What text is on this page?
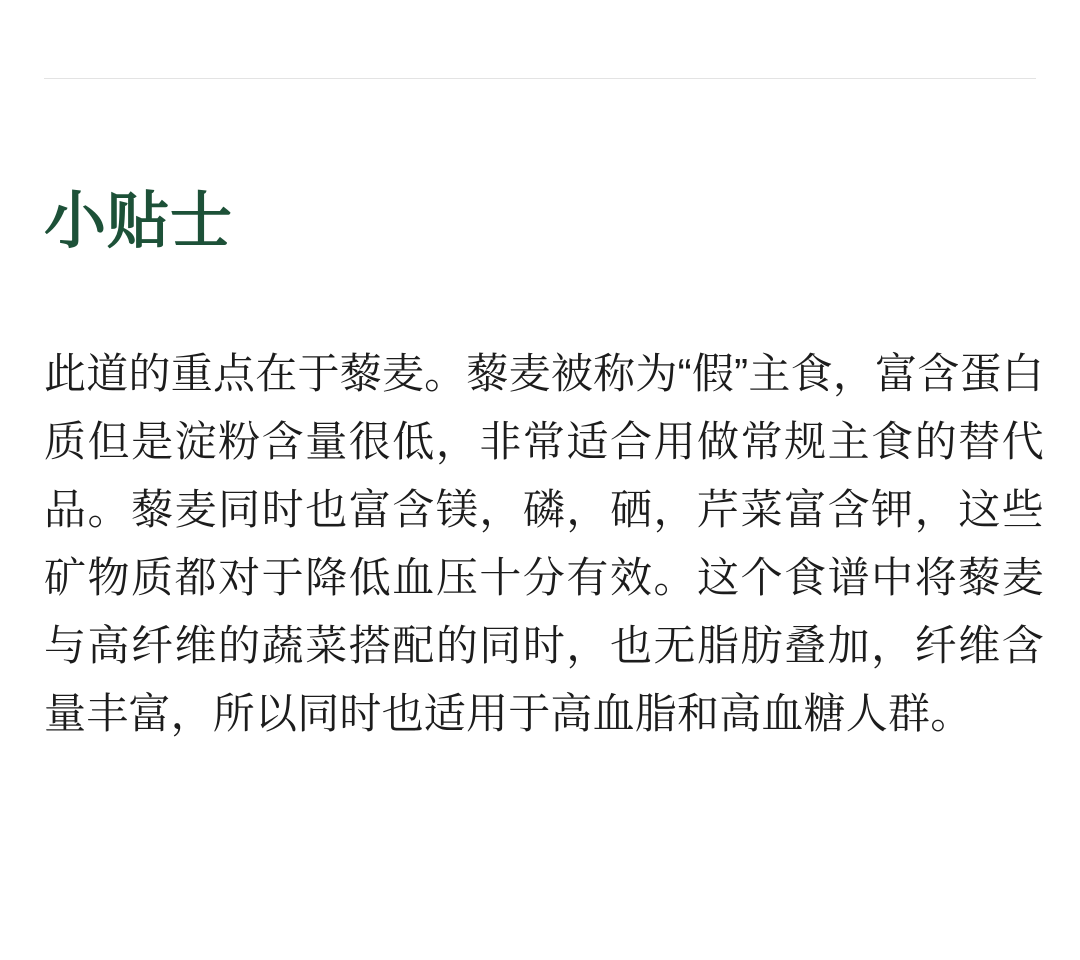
小贴士

此道的重点在于藜麦。藜麦被称为“假”主食，富含蛋白质但是淀粉含量很低，非常适合用做常规主食的替代品。藜麦同时也富含镁，磷，硒，芹菜富含钾，这些矿物质都对于降低血压十分有效。这个食谱中将藜麦与高纤维的蔬菜搭配的同时，也无脂肪叠加，纤维含量丰富，所以同时也适用于高血脂和高血糖人群。
